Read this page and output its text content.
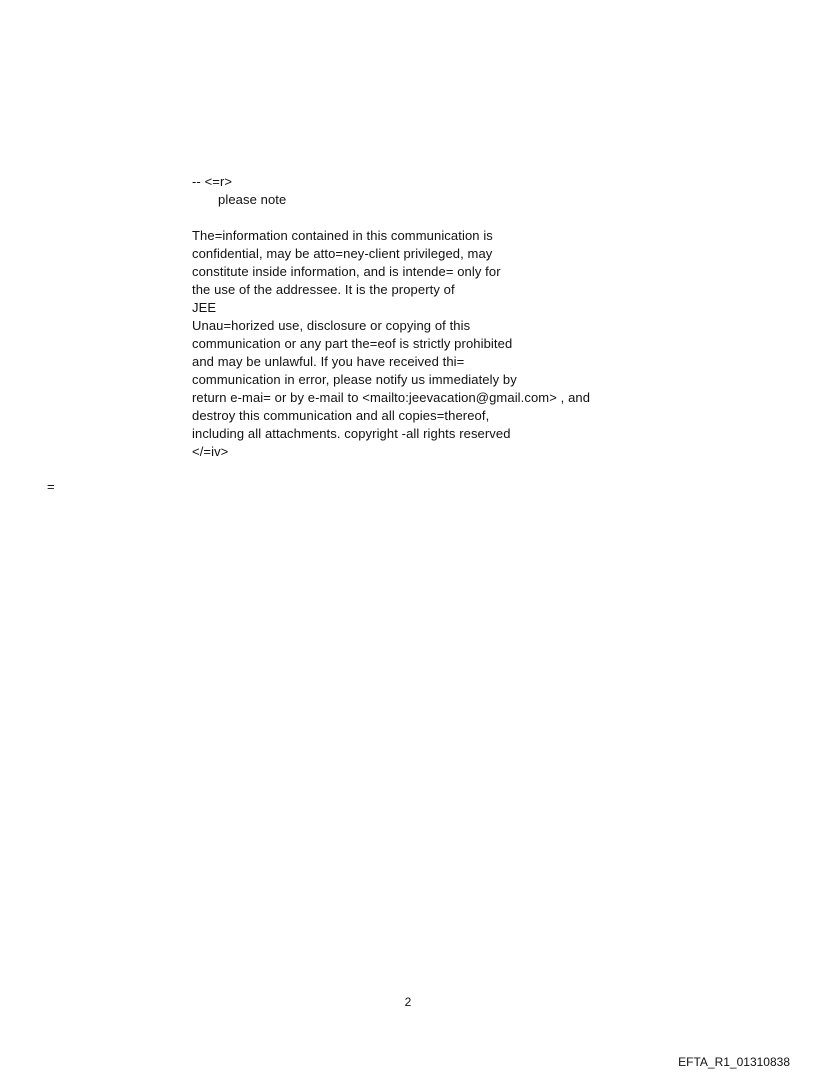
-- <=r>
please note
The=information contained in this communication is
confidential, may be atto=ney-client privileged, may
constitute inside information, and is intende= only for
the use of the addressee. It is the property of
JEE
Unau=horized use, disclosure or copying of this
communication or any part the=eof is strictly prohibited
and may be unlawful. If you have received thi=
communication in error, please notify us immediately by
return e-mai= or by e-mail to <mailto:jeevacation@gmail.com> , and
destroy this communication and all copies=thereof,
including all attachments. copyright -all rights reserved
</=iv>
=
2
EFTA_R1_01310838
